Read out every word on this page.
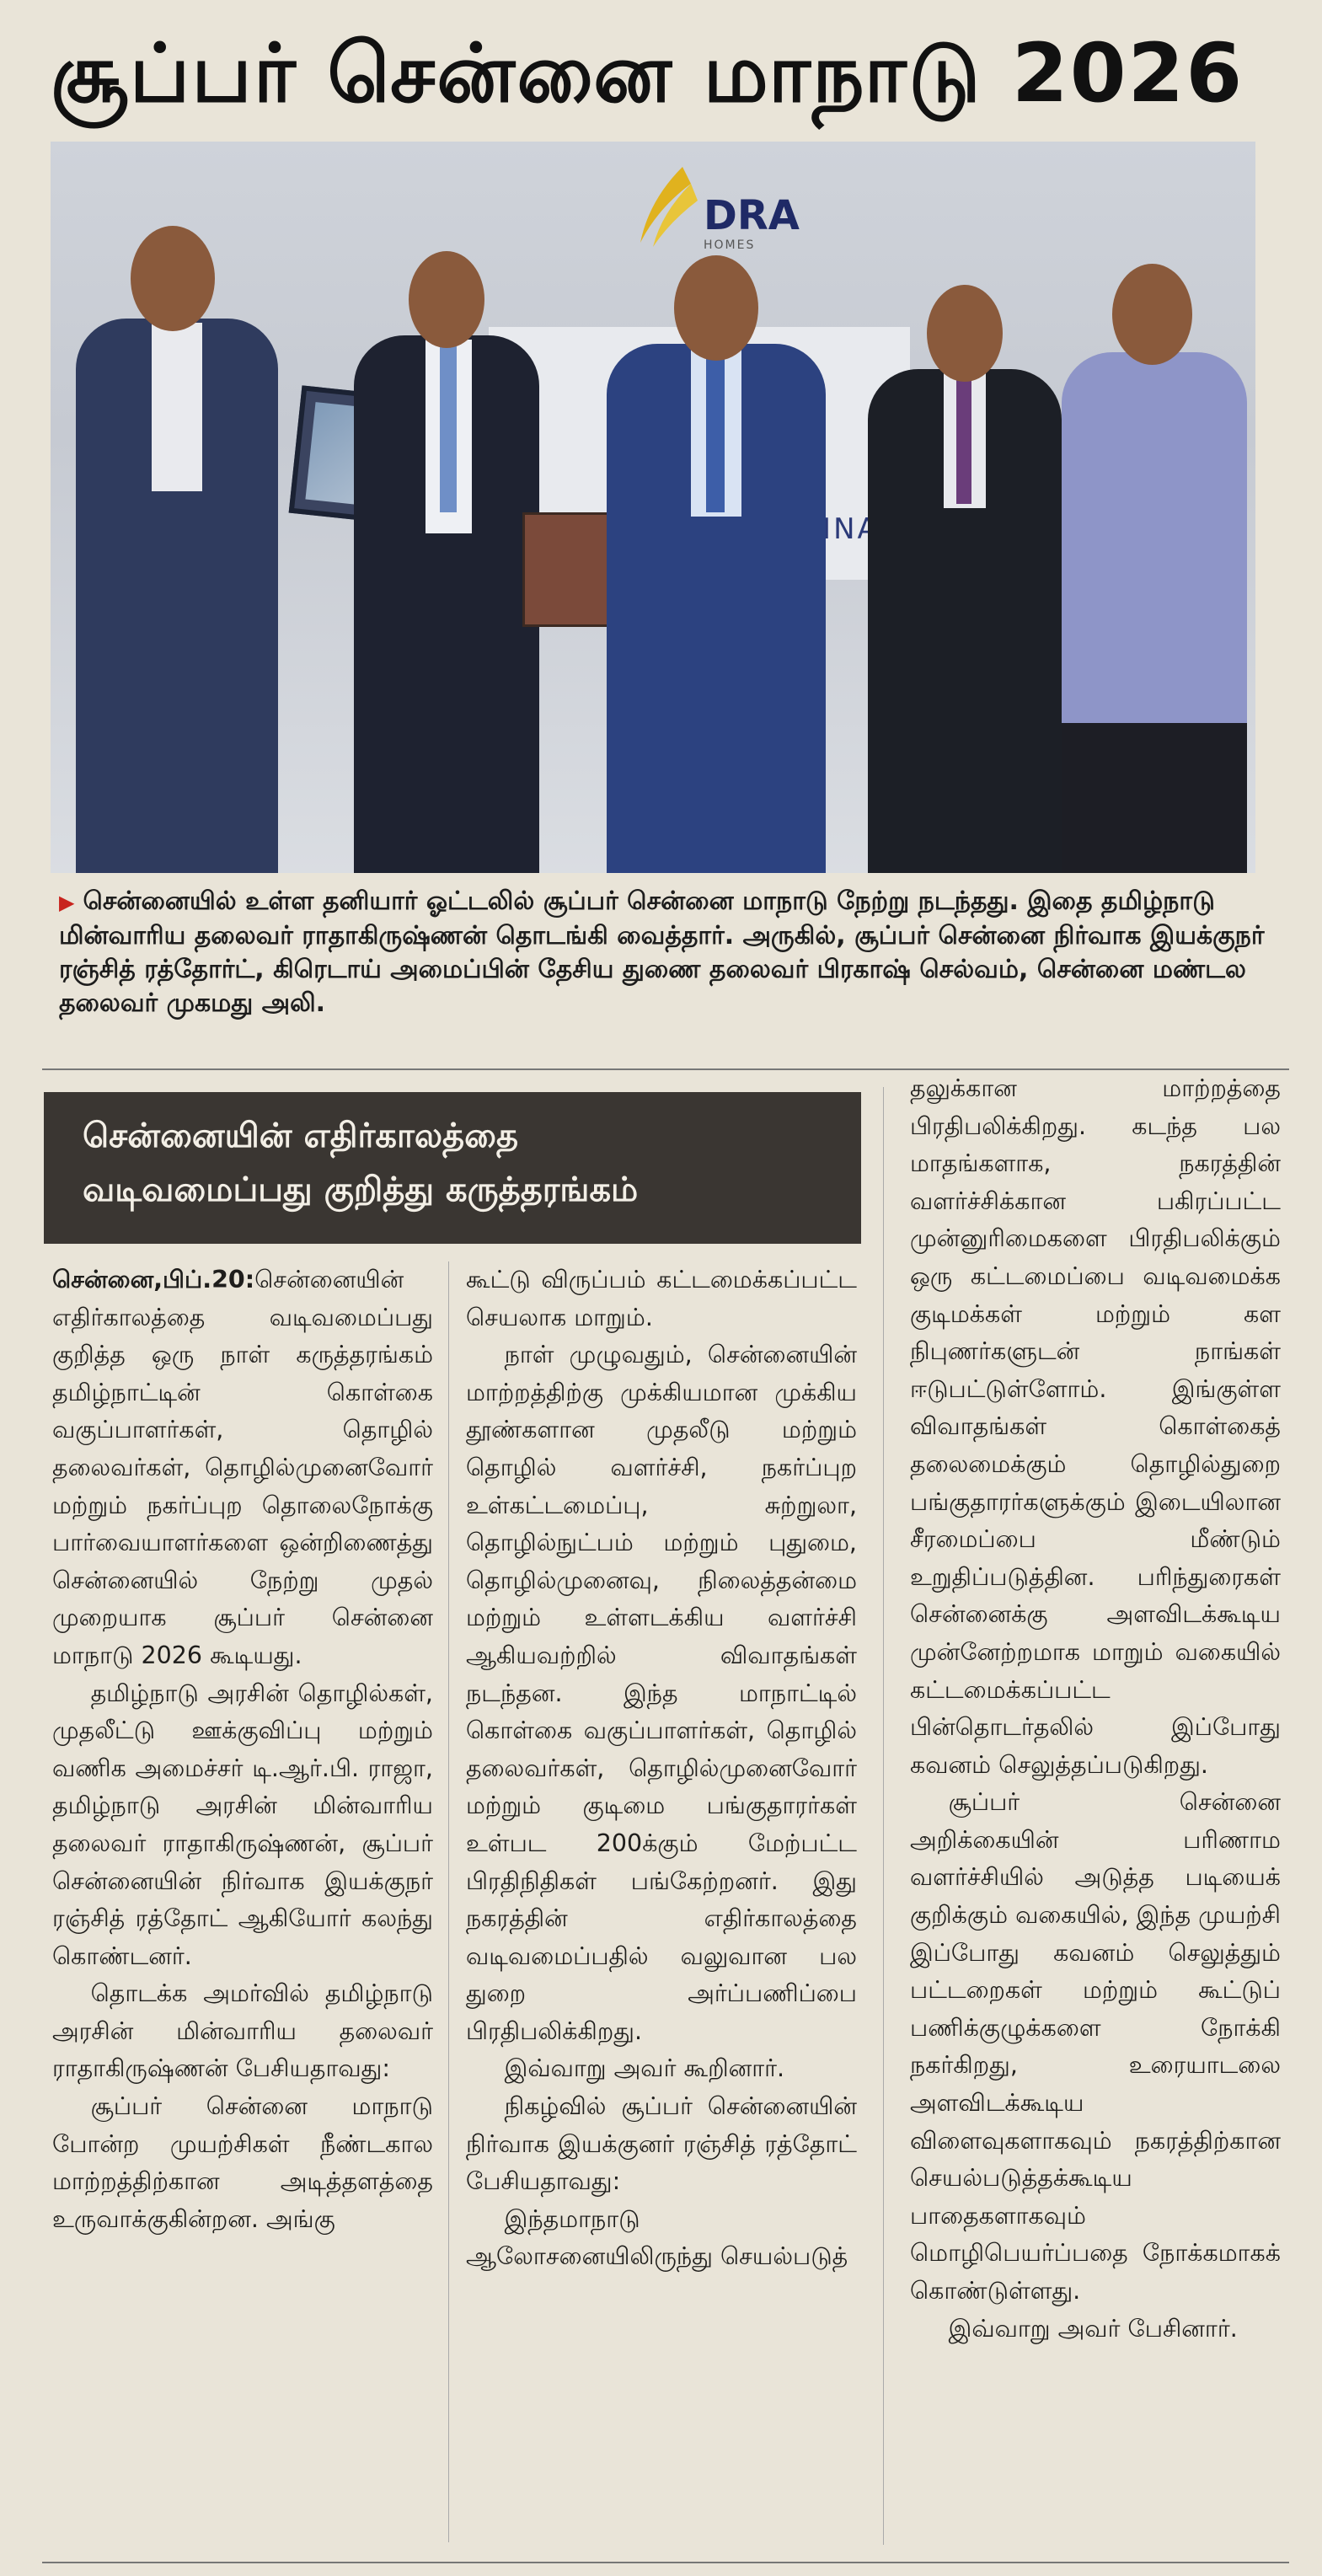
சூப்பர் சென்னை மாநாடு 2026
DRA
HOMES
▶ சென்னையில் உள்ள தனியார் ஓட்டலில் சூப்பர் சென்னை மாநாடு நேற்று நடந்தது. இதை தமிழ்நாடு மின்வாரிய தலைவர் ராதாகிருஷ்ணன் தொடங்கி வைத்தார். அருகில், சூப்பர் சென்னை நிர்வாக இயக்குநர் ரஞ்சித் ரத்தோர்ட், கிரெடாய் அமைப்பின் தேசிய துணை தலைவர் பிரகாஷ் செல்வம், சென்னை மண்டல தலைவர் முகமது அலி.
சென்னையின் எதிர்காலத்தை
வடிவமைப்பது குறித்து கருத்தரங்கம்

சென்னை,பிப்.20:சென்னையின் எதிர்காலத்தை வடிவமைப்பது குறித்த ஒரு நாள் கருத்தரங்கம் தமிழ்நாட்டின் கொள்கை வகுப்பாளர்கள், தொழில் தலைவர்கள், தொழில்முனைவோர் மற்றும் நகர்ப்புற தொலைநோக்கு பார்வையாளர்களை ஒன்றிணைத்து சென்னையில் நேற்று முதல் முறையாக சூப்பர் சென்னை மாநாடு 2026 கூடியது.

தமிழ்நாடு அரசின் தொழில்கள், முதலீட்டு ஊக்குவிப்பு மற்றும் வணிக அமைச்சர் டி.ஆர்.பி. ராஜா, தமிழ்நாடு அரசின் மின்வாரிய தலைவர் ராதாகிருஷ்ணன், சூப்பர் சென்னையின் நிர்வாக இயக்குநர் ரஞ்சித் ரத்தோட் ஆகியோர் கலந்து கொண்டனர்.

தொடக்க அமர்வில் தமிழ்நாடு அரசின் மின்வாரிய தலைவர் ராதாகிருஷ்ணன் பேசியதாவது:

சூப்பர் சென்னை மாநாடு போன்ற முயற்சிகள் நீண்டகால மாற்றத்திற்கான அடித்தளத்தை உருவாக்குகின்றன. அங்கு

கூட்டு விருப்பம் கட்டமைக்கப்பட்ட செயலாக மாறும்.

நாள் முழுவதும், சென்னையின் மாற்றத்திற்கு முக்கியமான முக்கிய தூண்களான முதலீடு மற்றும் தொழில் வளர்ச்சி, நகர்ப்புற உள்கட்டமைப்பு, சுற்றுலா, தொழில்நுட்பம் மற்றும் புதுமை, தொழில்முனைவு, நிலைத்தன்மை மற்றும் உள்ளடக்கிய வளர்ச்சி ஆகியவற்றில் விவாதங்கள் நடந்தன. இந்த மாநாட்டில் கொள்கை வகுப்பாளர்கள், தொழில் தலைவர்கள், தொழில்முனைவோர் மற்றும் குடிமை பங்குதாரர்கள் உள்பட 200க்கும் மேற்பட்ட பிரதிநிதிகள் பங்கேற்றனர். இது நகரத்தின் எதிர்காலத்தை வடிவமைப்பதில் வலுவான பல துறை அர்ப்பணிப்பை பிரதிபலிக்கிறது.

இவ்வாறு அவர் கூறினார்.

நிகழ்வில் சூப்பர் சென்னையின் நிர்வாக இயக்குனர் ரஞ்சித் ரத்தோட் பேசியதாவது:

இந்தமாநாடு ஆலோசனையிலிருந்து செயல்படுத்

தலுக்கான மாற்றத்தை பிரதிபலிக்கிறது. கடந்த பல மாதங்களாக, நகரத்தின் வளர்ச்சிக்கான பகிரப்பட்ட முன்னுரிமைகளை பிரதிபலிக்கும் ஒரு கட்டமைப்பை வடிவமைக்க குடிமக்கள் மற்றும் கள நிபுணர்களுடன் நாங்கள் ஈடுபட்டுள்ளோம். இங்குள்ள விவாதங்கள் கொள்கைத் தலைமைக்கும் தொழில்துறை பங்குதாரர்களுக்கும் இடையிலான சீரமைப்பை மீண்டும் உறுதிப்படுத்தின. பரிந்துரைகள் சென்னைக்கு அளவிடக்கூடிய முன்னேற்றமாக மாறும் வகையில் கட்டமைக்கப்பட்ட பின்தொடர்தலில் இப்போது கவனம் செலுத்தப்படுகிறது.

சூப்பர் சென்னை அறிக்கையின் பரிணாம வளர்ச்சியில் அடுத்த படியைக் குறிக்கும் வகையில், இந்த முயற்சி இப்போது கவனம் செலுத்தும் பட்டறைகள் மற்றும் கூட்டுப் பணிக்குழுக்களை நோக்கி நகர்கிறது, உரையாடலை அளவிடக்கூடிய விளைவுகளாகவும் நகரத்திற்கான செயல்படுத்தக்கூடிய பாதைகளாகவும் மொழிபெயர்ப்பதை நோக்கமாகக் கொண்டுள்ளது.

இவ்வாறு அவர் பேசினார்.
